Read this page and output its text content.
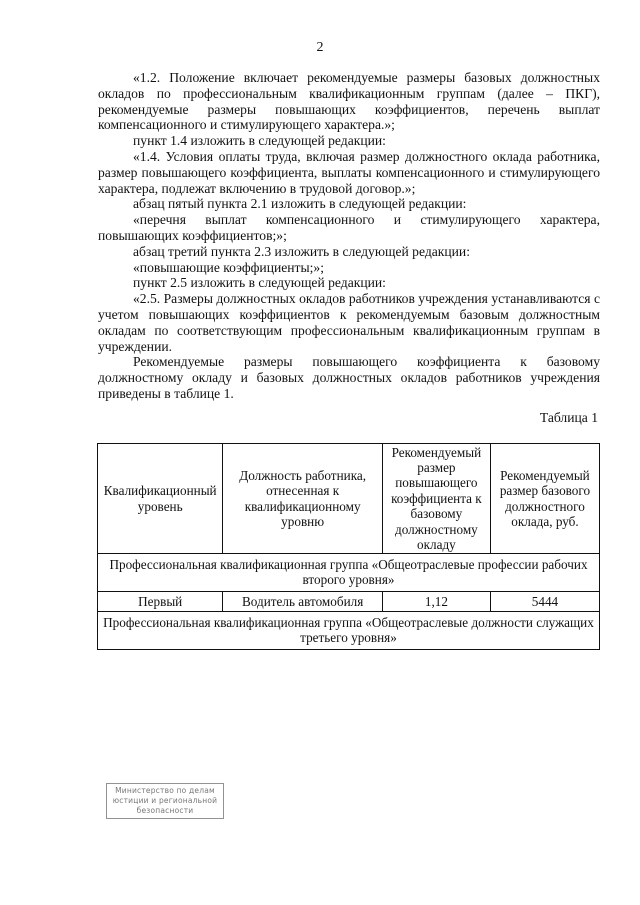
2

«1.2. Положение включает рекомендуемые размеры базовых должностных окладов по профессиональным квалификационным группам (далее – ПКГ), рекомендуемые размеры повышающих коэффициентов, перечень выплат компенсационного и стимулирующего характера.»;

пункт 1.4 изложить в следующей редакции:

«1.4. Условия оплаты труда, включая размер должностного оклада работника, размер повышающего коэффициента, выплаты компенсационного и стимулирующего характера, подлежат включению в трудовой договор.»;

абзац пятый пункта 2.1 изложить в следующей редакции:

«перечня выплат компенсационного и стимулирующего характера, повышающих коэффициентов;»;

абзац третий пункта 2.3 изложить в следующей редакции:

«повышающие коэффициенты;»;

пункт 2.5 изложить в следующей редакции:

«2.5. Размеры должностных окладов работников учреждения устанавливаются с учетом повышающих коэффициентов к рекомендуемым базовым должностным окладам по соответствующим профессиональным квалификационным группам в учреждении.

Рекомендуемые размеры повышающего коэффициента к базовому должностному окладу и базовых должностных окладов работников учреждения приведены в таблице 1.

Таблица 1
Квалификационный уровень	Должность работника, отнесенная к квалификационному уровню	Рекомендуемый размер повышающего коэффициента к базовому должностному окладу	Рекомендуемый размер базового должностного оклада, руб.
Профессиональная квалификационная группа «Общеотраслевые профессии рабочих второго уровня»			
Первый	Водитель автомобиля	1,12	5444
Профессиональная квалификационная группа «Общеотраслевые должности служащих третьего уровня»			
Министерство по делам юстиции и региональной безопасности
